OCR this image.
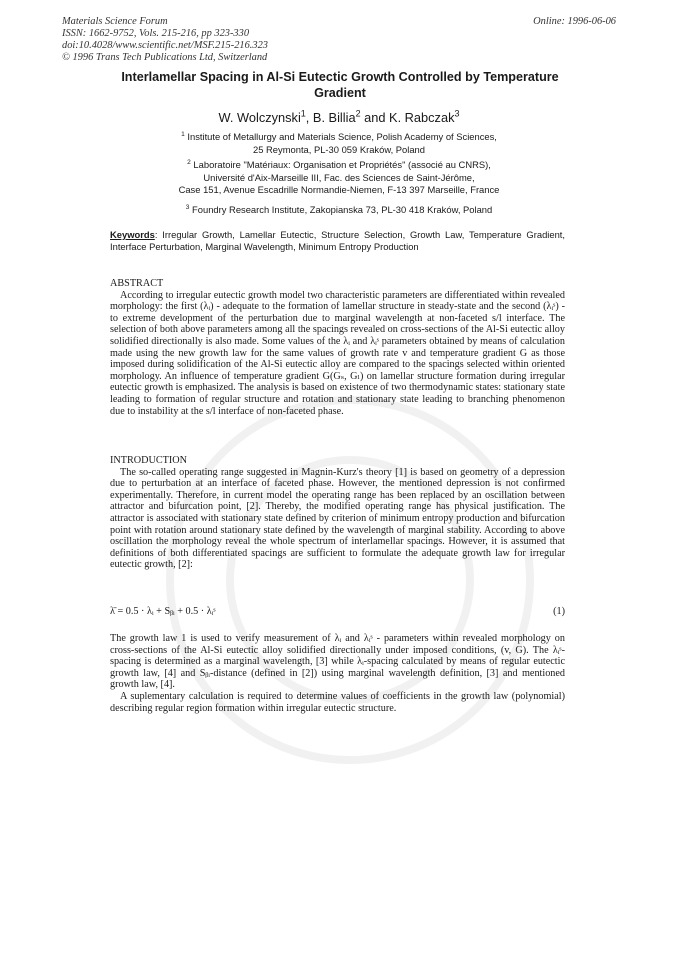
Materials Science Forum
ISSN: 1662-9752, Vols. 215-216, pp 323-330
doi:10.4028/www.scientific.net/MSF.215-216.323
© 1996 Trans Tech Publications Ltd, Switzerland
Online: 1996-06-06
Interlamellar Spacing in Al-Si Eutectic Growth Controlled by Temperature Gradient
W. Wolczynski$^1$, B. Billia$^2$ and K. Rabczak$^3$
$^1$ Institute of Metallurgy and Materials Science, Polish Academy of Sciences,
25 Reymonta, PL-30 059 Kraków, Poland
$^2$ Laboratoire "Matériaux: Organisation et Propriétés" (associé au CNRS),
Université d'Aix-Marseille III, Fac. des Sciences de Saint-Jérôme,
Case 151, Avenue Escadrille Normandie-Niemen, F-13 397 Marseille, France
$^3$ Foundry Research Institute, Zakopianska 73, PL-30 418 Kraków, Poland
Keywords: Irregular Growth, Lamellar Eutectic, Structure Selection, Growth Law, Temperature Gradient, Interface Perturbation, Marginal Wavelength, Minimum Entropy Production
ABSTRACT

According to irregular eutectic growth model two characteristic parameters are differentiated within revealed morphology: the first (λᵢ) - adequate to the formation of lamellar structure in steady-state and the second (λᵢˢ) - to extreme development of the perturbation due to marginal wavelength at non-faceted s/l interface. The selection of both above parameters among all the spacings revealed on cross-sections of the Al-Si eutectic alloy solidified directionally is also made. Some values of the λᵢ and λᵢˢ parameters obtained by means of calculation made using the new growth law for the same values of growth rate v and temperature gradient G as those imposed during solidification of the Al-Si eutectic alloy are compared to the spacings selected within oriented morphology. An influence of temperature gradient G(Gₛ, Gₗ) on lamellar structure formation during irregular eutectic growth is emphasized. The analysis is based on existence of two thermodynamic states: stationary state leading to formation of regular structure and rotation and stationary state leading to branching phenomenon due to instability at the s/l interface of non-faceted phase.

INTRODUCTION

The so-called operating range suggested in Magnin-Kurz's theory [1] is based on geometry of a depression due to perturbation at an interface of faceted phase. However, the mentioned depression is not confirmed experimentally. Therefore, in current model the operating range has been replaced by an oscillation between attractor and bifurcation point, [2]. Thereby, the modified operating range has physical justification. The attractor is associated with stationary state defined by criterion of minimum entropy production and bifurcation point with rotation around stationary state defined by the wavelength of marginal stability. According to above oscillation the morphology reveal the whole spectrum of interlamellar spacings. However, it is assumed that definitions of both differentiated spacings are sufficient to formulate the adequate growth law for irregular eutectic growth, [2]:

λ̄ = 0.5 · λᵢ + Sᵦᵢ + 0.5 · λᵢˢ	(1)

The growth law 1 is used to verify measurement of λᵢ and λᵢˢ - parameters within revealed morphology on cross-sections of the Al-Si eutectic alloy solidified directionally under imposed conditions, (v, G). The λᵢˢ-spacing is determined as a marginal wavelength, [3] while λᵢ-spacing calculated by means of regular eutectic growth law, [4] and Sᵦᵢ-distance (defined in [2]) using marginal wavelength definition, [3] and mentioned growth law, [4].

A suplementary calculation is required to determine values of coefficients in the growth law (polynomial) describing regular region formation within irregular eutectic structure.
